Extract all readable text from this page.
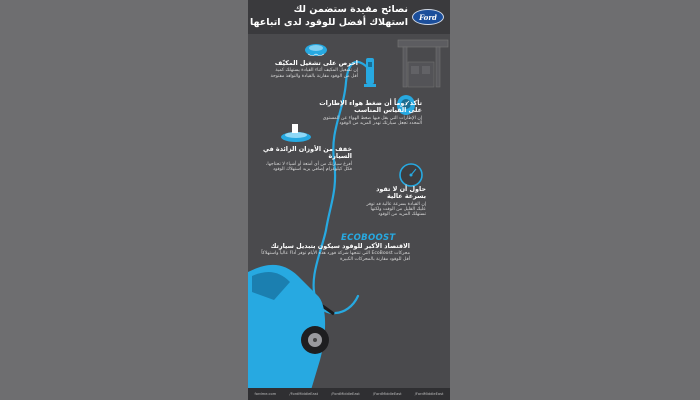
نصائح مفيدة ستضمن لك
استهلاك أفضل للوقود لدى اتباعها	Ford
احرص على تشغيل المكيّف
إن تشغيل المكيف أثناء القيادة يستهلك كمية أقل من الوقود مقارنة بالقيادة والنوافذ مفتوحة
تأكد دوماً أن ضغط هواء الإطارات على القياس المناسب
إن الإطارات التي يقل فيها ضغط الهواء عن المستوى المحدد تجعل سيارتك تهدر المزيد من الوقود
خفف من الأوزان الزائدة في السيارة
أفرغ سيارتك من أي أمتعة أو أشياء لا تحتاجها، فكل كيلوغرام إضافي يزيد استهلاك الوقود
حاول أن لا تقود بسرعة عالية
إن القيادة بسرعة عالية قد توفر عليك القليل من الوقت ولكنها تستهلك المزيد من الوقود
ECOBOOST
الاقتصاد الأكبر للوقود سيكون بتبديل سيارتك
محركات EcoBoost التي تنتجها شركة فورد هذه الأيام توفر أداءً عالياً واستهلاكاً أقل للوقود مقارنة بالمحركات الكبيرة
fordme.com	/FordMiddleEast	/FordMiddleEast	/FordMiddleEast	/FordMiddleEast
